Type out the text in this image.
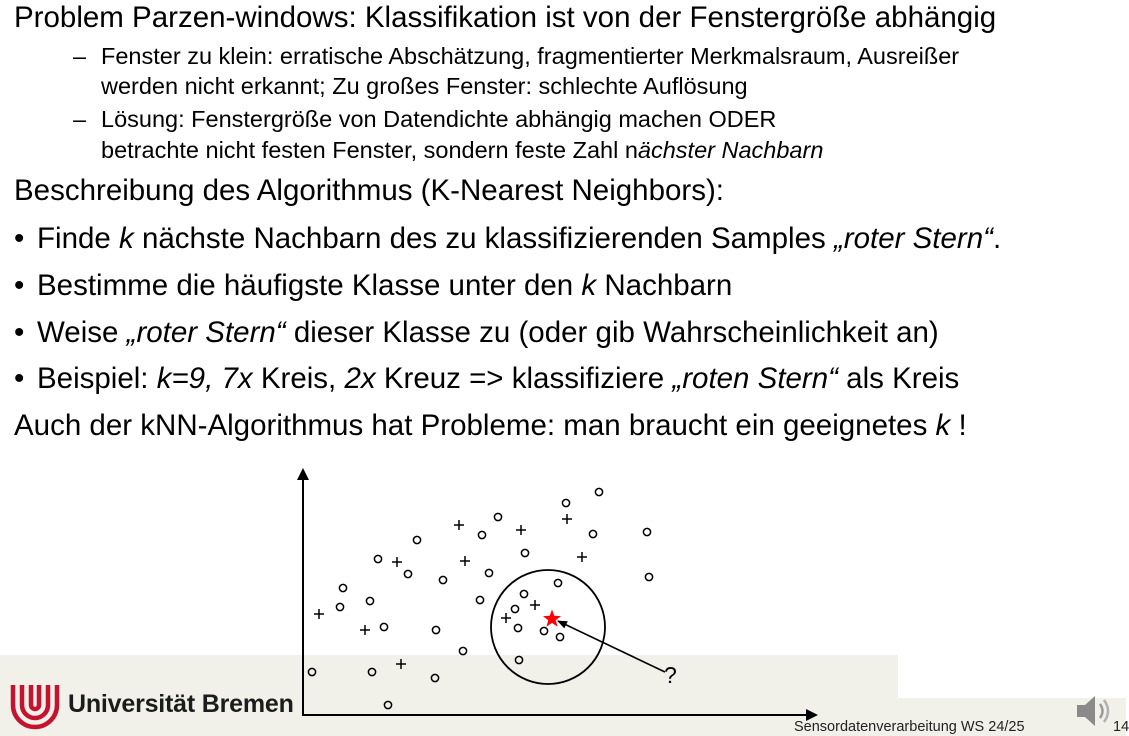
Problem Parzen-windows: Klassifikation ist von der Fenstergröße abhängig
– Fenster zu klein: erratische Abschätzung, fragmentierter Merkmalsraum, Ausreißer
werden nicht erkannt; Zu großes Fenster: schlechte Auflösung
– Lösung: Fenstergröße von Datendichte abhängig machen ODER
betrachte nicht festen Fenster, sondern feste Zahl nächster Nachbarn
Beschreibung des Algorithmus (K-Nearest Neighbors):
• Finde k nächste Nachbarn des zu klassifizierenden Samples „roter Stern“.
• Bestimme die häufigste Klasse unter den k Nachbarn
• Weise „roter Stern“ dieser Klasse zu (oder gib Wahrscheinlichkeit an)
• Beispiel: k=9, 7x Kreis, 2x Kreuz => klassifiziere „roten Stern“ als Kreis
Auch der kNN-Algorithmus hat Probleme: man braucht ein geeignetes k !
?
Universität Bremen
Sensordatenverarbeitung WS 24/25	14
